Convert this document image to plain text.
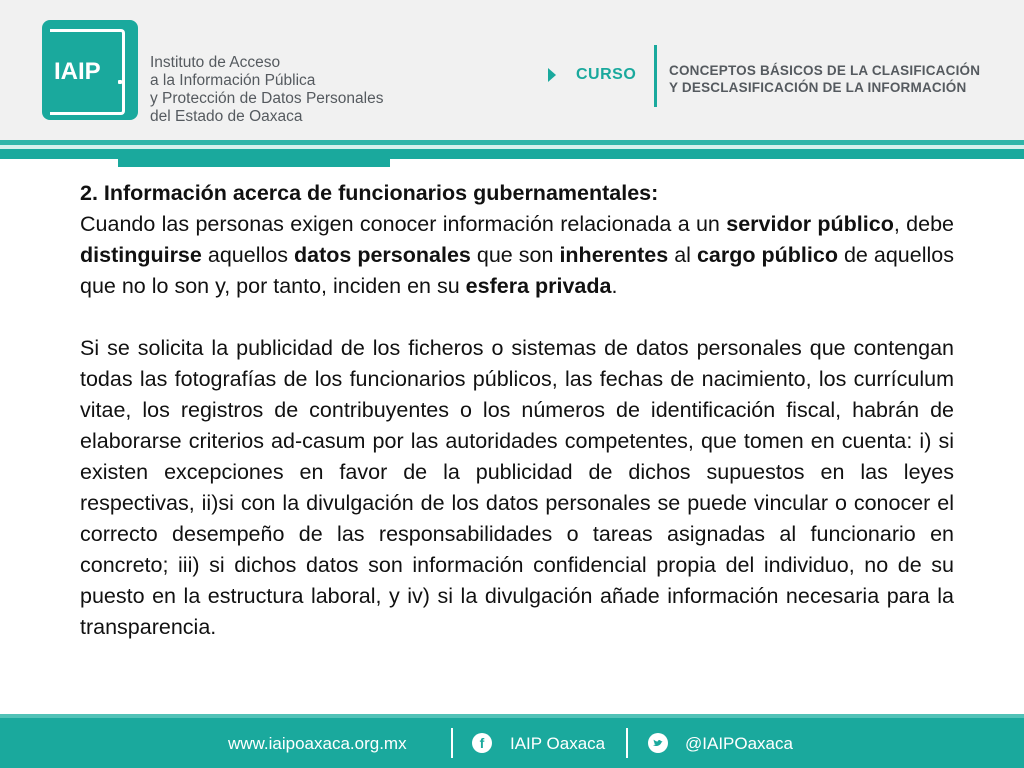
IAIP	Instituto de Acceso
a la Información Pública
y Protección de Datos Personales
del Estado de Oaxaca
CURSO CONCEPTOS BÁSICOS DE LA CLASIFICACIÓN
Y DESCLASIFICACIÓN DE LA INFORMACIÓN

2. Información acerca de funcionarios gubernamentales:

Cuando las personas exigen conocer información relacionada a un servidor público, debe distinguirse aquellos datos personales que son inherentes al cargo público de aquellos que no lo son y, por tanto, inciden en su esfera privada.

Si se solicita la publicidad de los ficheros o sistemas de datos personales que contengan todas las fotografías de los funcionarios públicos, las fechas de nacimiento, los currículum vitae, los registros de contribuyentes o los números de identificación fiscal, habrán de elaborarse criterios ad-casum por las autoridades competentes, que tomen en cuenta: i) si existen excepciones en favor de la publicidad de dichos supuestos en las leyes respectivas, ii)si con la divulgación de los datos personales se puede vincular o conocer el correcto desempeño de las responsabilidades o tareas asignadas al funcionario en concreto; iii) si dichos datos son información confidencial propia del individuo, no de su puesto en la estructura laboral, y iv) si la divulgación añade información necesaria para la transparencia.

www.iaipoaxaca.org.mx	f	IAIP Oaxaca	@IAIPOaxaca
